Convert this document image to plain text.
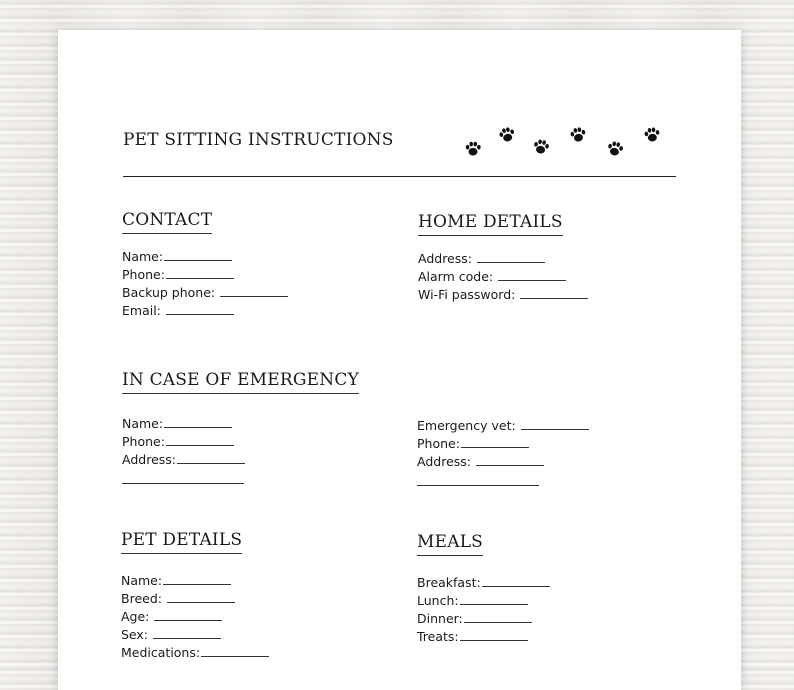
PET SITTING INSTRUCTIONS
CONTACT
Name:
Phone:
Backup phone:
Email:
HOME DETAILS
Address:
Alarm code:
Wi-Fi password:
IN CASE OF EMERGENCY
Name:
Phone:
Address:
Emergency vet:
Phone:
Address:
PET DETAILS
Name:
Breed:
Age:
Sex:
Medications:
MEALS
Breakfast:
Lunch:
Dinner:
Treats:
